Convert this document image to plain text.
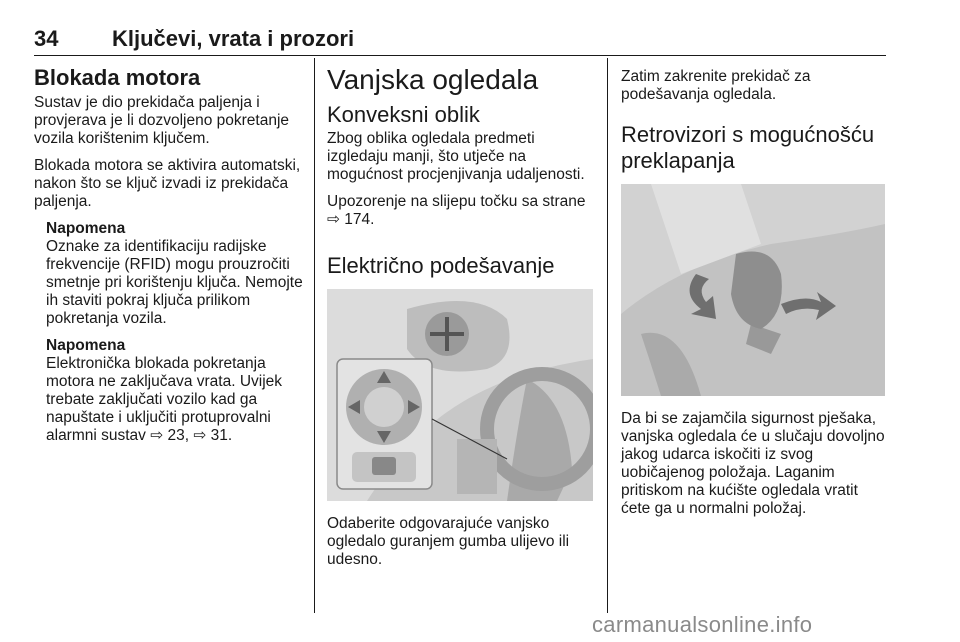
34 Ključevi, vrata i prozori
Blokada motora

Sustav je dio prekidača paljenja i provjerava je li dozvoljeno pokretanje vozila korištenim ključem.

Blokada motora se aktivira automatski, nakon što se ključ izvadi iz prekidača paljenja.

Napomena

Oznake za identifikaciju radijske frekvencije (RFID) mogu prouzročiti smetnje pri korištenju ključa. Nemojte ih staviti pokraj ključa prilikom pokretanja vozila.

Napomena

Elektronička blokada pokretanja motora ne zaključava vrata. Uvijek trebate zaključati vozilo kad ga napuštate i uključiti protuprovalni alarmni sustav ⇨ 23, ⇨ 31.

Vanjska ogledala
Konveksni oblik

Zbog oblika ogledala predmeti izgledaju manji, što utječe na mogućnost procjenjivanja udaljenosti.

Upozorenje na slijepu točku sa strane ⇨ 174.

Električno podešavanje

Odaberite odgovarajuće vanjsko ogledalo guranjem gumba ulijevo ili udesno.

Zatim zakrenite prekidač za podešavanja ogledala.

Retrovizori s mogućnošću preklapanja

Da bi se zajamčila sigurnost pješaka, vanjska ogledala će u slučaju dovoljno jakog udarca iskočiti iz svog uobičajenog položaja. Laganim pritiskom na kućište ogledala vratit ćete ga u normalni položaj.

carmanualsonline.info
